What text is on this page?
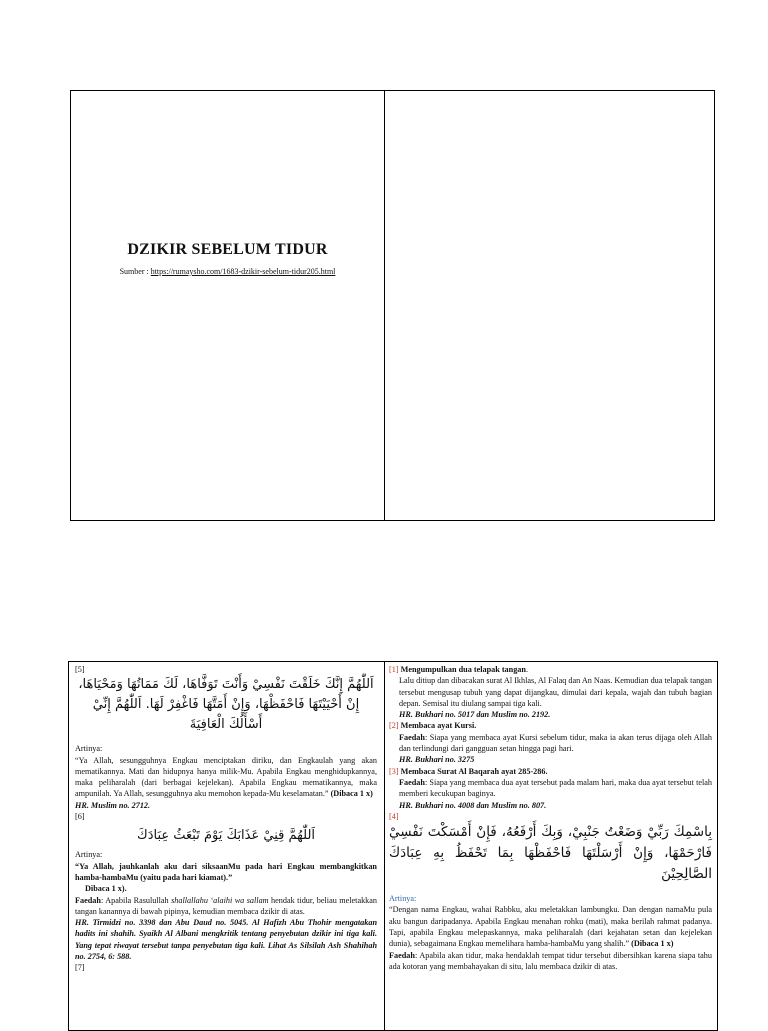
DZIKIR SEBELUM TIDUR
Sumber : https://rumaysho.com/1683-dzikir-sebelum-tidur205.html

[5]

اَللّٰهُمَّ إِنَّكَ خَلَقْتَ نَفْسِيْ وَأَنْتَ تَوَفَّاهَا، لَكَ مَمَاتُهَا وَمَحْيَاهَا، إِنْ أَحْيَيْتَهَا فَاحْفَظْهَا، وَإِنْ أَمَتَّهَا فَاغْفِرْ لَهَا. اَللّٰهُمَّ إِنِّيْ أَسْأَلُكَ الْعَافِيَةَ

Artinya:

“Ya Allah, sesungguhnya Engkau menciptakan diriku, dan Engkaulah yang akan mematikannya. Mati dan hidupnya hanya milik-Mu. Apabila Engkau menghidupkannya, maka peliharalah (dari berbagai kejelekan). Apabila Engkau mematikannya, maka ampunilah. Ya Allah, sesungguhnya aku memohon kepada-Mu keselamatan.” (Dibaca 1 x)

HR. Muslim no. 2712.

[6]

اَللّٰهُمَّ قِنِيْ عَذَابَكَ يَوْمَ تَبْعَثُ عِبَادَكَ

Artinya:

“Ya Allah, jauhkanlah aku dari siksaanMu pada hari Engkau membangkitkan hamba-hambaMu (yaitu pada hari kiamat).”

Dibaca 1 x).

Faedah: Apabila Rasulullah shallallahu ‘alaihi wa sallam hendak tidur, beliau meletakkan tangan kanannya di bawah pipinya, kemudian membaca dzikir di atas.

HR. Tirmidzi no. 3398 dan Abu Daud no. 5045. Al Hafizh Abu Thohir mengatakan hadits ini shahih. Syaikh Al Albani mengkritik tentang penyebutan dzikir ini tiga kali. Yang tepat riwayat tersebut tanpa penyebutan tiga kali. Lihat As Silsilah Ash Shahihah no. 2754, 6: 588.

[7]

[1] Mengumpulkan dua telapak tangan.

Lalu ditiup dan dibacakan surat Al Ikhlas, Al Falaq dan An Naas. Kemudian dua telapak tangan tersebut mengusap tubuh yang dapat dijangkau, dimulai dari kepala, wajah dan tubuh bagian depan. Semisal itu diulang sampai tiga kali.

HR. Bukhari no. 5017 dan Muslim no. 2192.

[2] Membaca ayat Kursi.

Faedah: Siapa yang membaca ayat Kursi sebelum tidur, maka ia akan terus dijaga oleh Allah dan terlindungi dari gangguan setan hingga pagi hari.

HR. Bukhari no. 3275

[3] Membaca Surat Al Baqarah ayat 285-286.

Faedah: Siapa yang membaca dua ayat tersebut pada malam hari, maka dua ayat tersebut telah memberi kecukupan baginya.

HR. Bukhari no. 4008 dan Muslim no. 807.

[4]

بِاسْمِكَ رَبِّيْ وَضَعْتُ جَنْبِيْ، وَبِكَ أَرْفَعُهُ، فَإِنْ أَمْسَكْتَ نَفْسِيْ فَارْحَمْهَا، وَإِنْ أَرْسَلْتَهَا فَاحْفَظْهَا بِمَا تَحْفَظُ بِهِ عِبَادَكَ الصَّالِحِيْنَ

Artinya:

“Dengan nama Engkau, wahai Rabbku, aku meletakkan lambungku. Dan dengan namaMu pula aku bangun daripadanya. Apabila Engkau menahan rohku (mati), maka berilah rahmat padanya. Tapi, apabila Engkau melepaskannya, maka peliharalah (dari kejahatan setan dan kejelekan dunia), sebagaimana Engkau memelihara hamba-hambaMu yang shalih.” (Dibaca 1 x)

Faedah: Apabila akan tidur, maka hendaklah tempat tidur tersebut dibersihkan karena siapa tahu ada kotoran yang membahayakan di situ, lalu membaca dzikir di atas.
